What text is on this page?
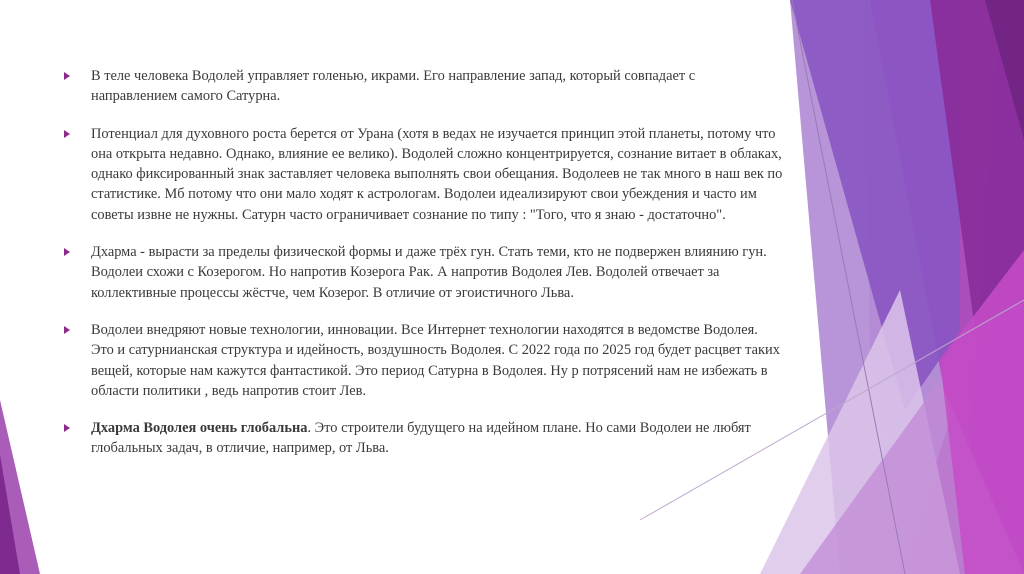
В теле человека Водолей управляет голенью, икрами. Его направление запад, который совпадает с направлением самого Сатурна.
Потенциал для духовного роста берется от Урана (хотя в ведах не изучается принцип этой планеты, потому что она открыта недавно. Однако, влияние ее велико). Водолей сложно концентрируется, сознание витает в облаках, однако фиксированный знак заставляет человека выполнять свои обещания. Водолеев не так много в наш век по статистике. Мб потому что они мало ходят к астрологам. Водолеи идеализируют свои убеждения и часто им советы извне не нужны. Сатурн часто ограничивает сознание по типу : "Того, что я знаю - достаточно".
Дхарма - вырасти за пределы физической формы и даже трёх гун. Стать теми, кто не подвержен влиянию гун. Водолеи схожи с Козерогом. Но напротив Козерога Рак. А напротив Водолея Лев. Водолей отвечает за коллективные процессы жёстче, чем Козерог. В отличие от эгоистичного Льва.
Водолеи внедряют новые технологии, инновации. Все Интернет технологии находятся в ведомстве Водолея. Это и сатурнианская структура и идейность, воздушность Водолея. С 2022 года по 2025 год будет расцвет таких вещей, которые нам кажутся фантастикой. Это период Сатурна в Водолея. Ну р потрясений нам не избежать в области политики , ведь напротив стоит Лев.
Дхарма Водолея очень глобальна. Это строители будущего на идейном плане. Но сами Водолеи не любят глобальных задач, в отличие, например, от Льва.
